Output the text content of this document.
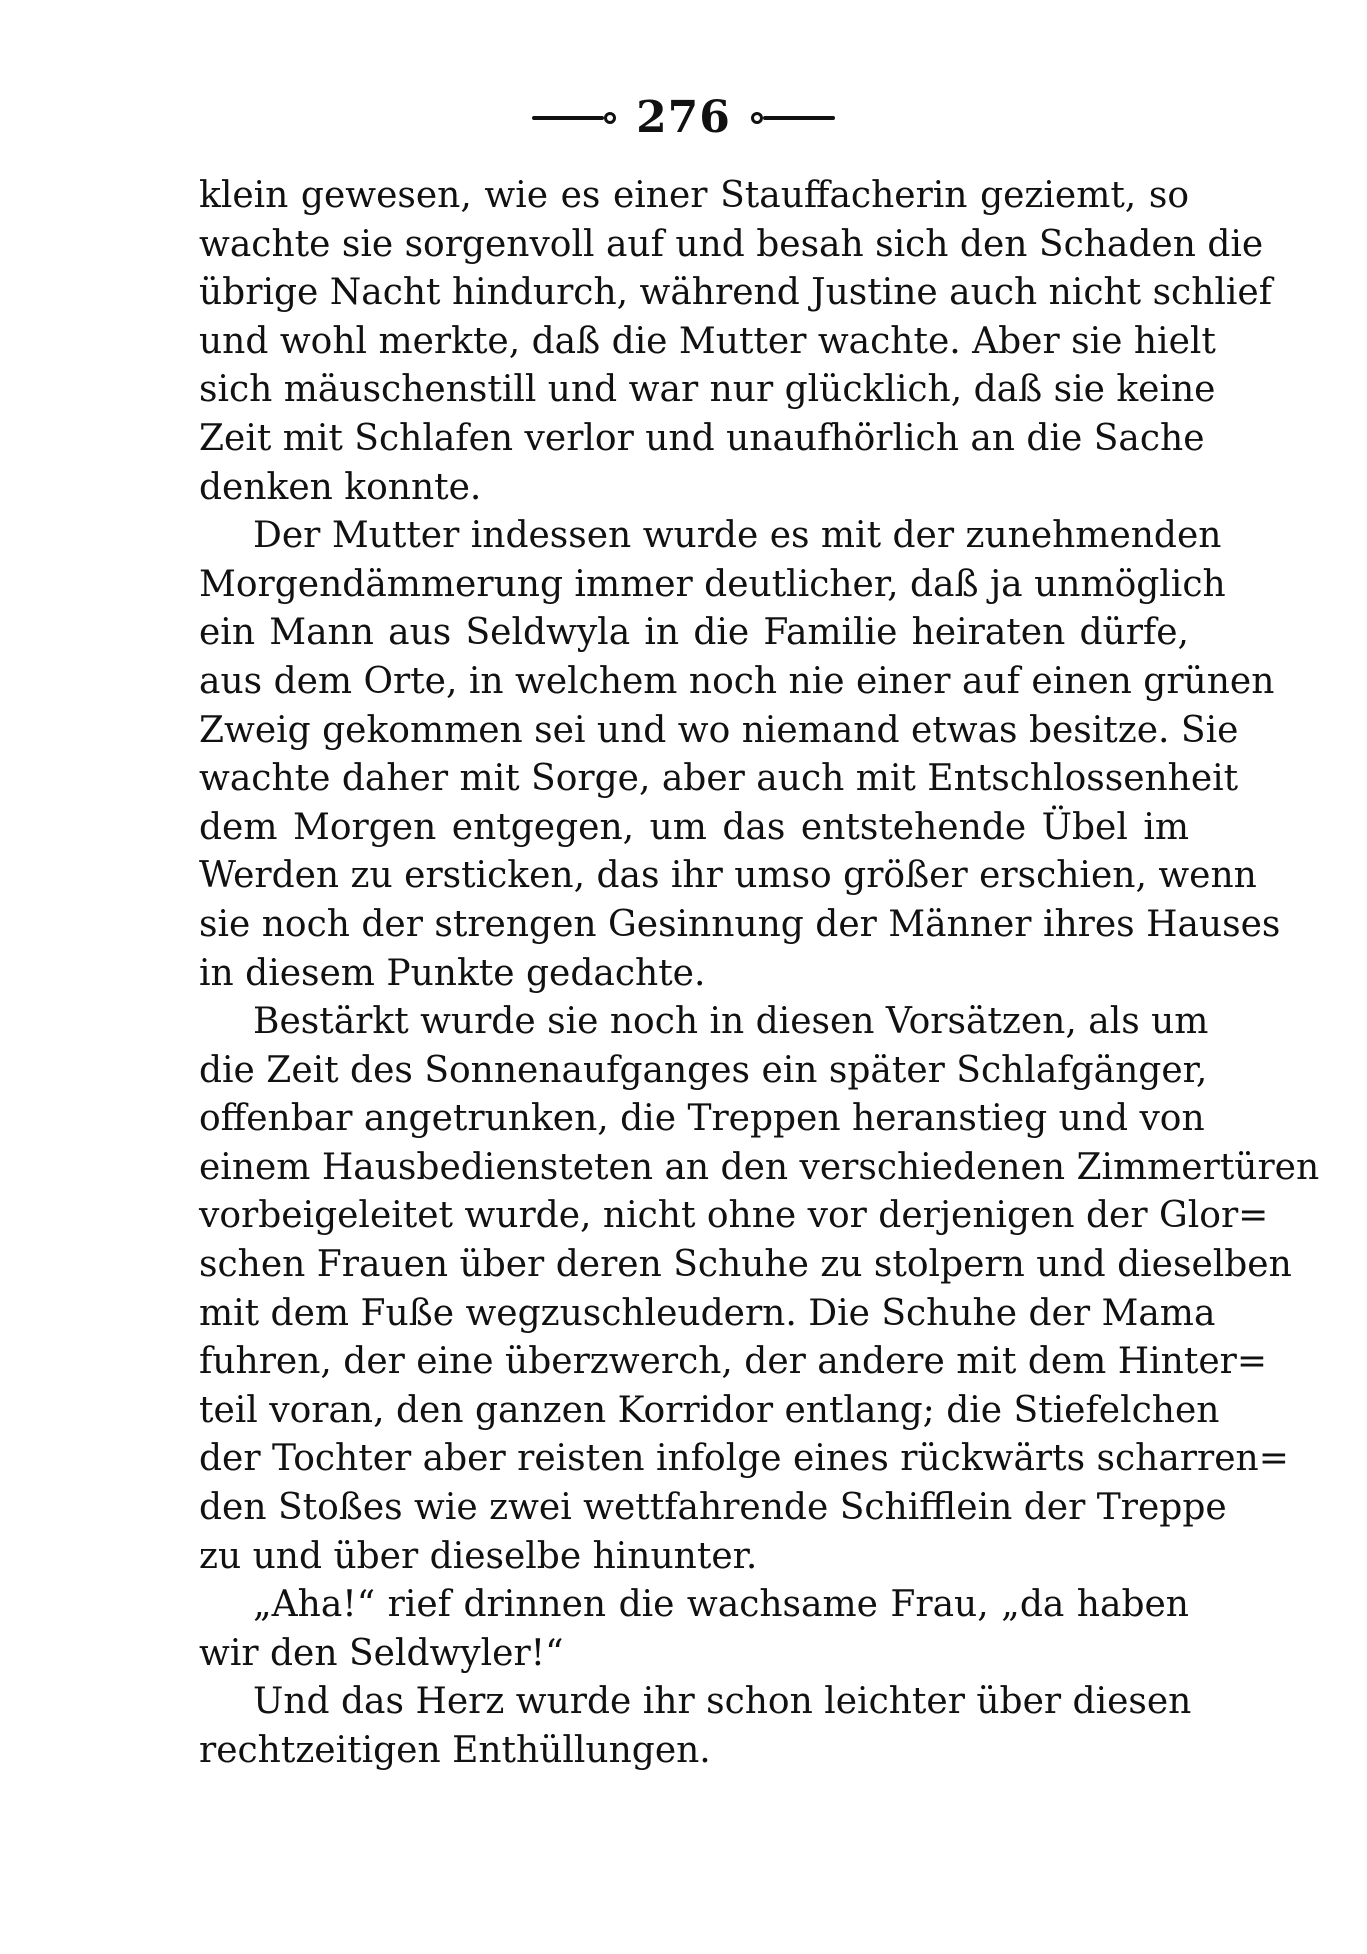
276
klein gewesen, wie es einer Stauffacherin geziemt, so
wachte sie sorgenvoll auf und besah sich den Schaden die
übrige Nacht hindurch, während Justine auch nicht schlief
und wohl merkte, daß die Mutter wachte. Aber sie hielt
sich mäuschenstill und war nur glücklich, daß sie keine
Zeit mit Schlafen verlor und unaufhörlich an die Sache
denken konnte.
Der Mutter indessen wurde es mit der zunehmenden
Morgendämmerung immer deutlicher, daß ja unmöglich
ein Mann aus Seldwyla in die Familie heiraten dürfe,
aus dem Orte, in welchem noch nie einer auf einen grünen
Zweig gekommen sei und wo niemand etwas besitze. Sie
wachte daher mit Sorge, aber auch mit Entschlossenheit
dem Morgen entgegen, um das entstehende Übel im
Werden zu ersticken, das ihr umso größer erschien, wenn
sie noch der strengen Gesinnung der Männer ihres Hauses
in diesem Punkte gedachte.
Bestärkt wurde sie noch in diesen Vorsätzen, als um
die Zeit des Sonnenaufganges ein später Schlafgänger,
offenbar angetrunken, die Treppen heranstieg und von
einem Hausbediensteten an den verschiedenen Zimmertüren
vorbeigeleitet wurde, nicht ohne vor derjenigen der Glor=
schen Frauen über deren Schuhe zu stolpern und dieselben
mit dem Fuße wegzuschleudern. Die Schuhe der Mama
fuhren, der eine überzwerch, der andere mit dem Hinter=
teil voran, den ganzen Korridor entlang; die Stiefelchen
der Tochter aber reisten infolge eines rückwärts scharren=
den Stoßes wie zwei wettfahrende Schifflein der Treppe
zu und über dieselbe hinunter.
„Aha!“ rief drinnen die wachsame Frau, „da haben
wir den Seldwyler!“
Und das Herz wurde ihr schon leichter über diesen
rechtzeitigen Enthüllungen.
